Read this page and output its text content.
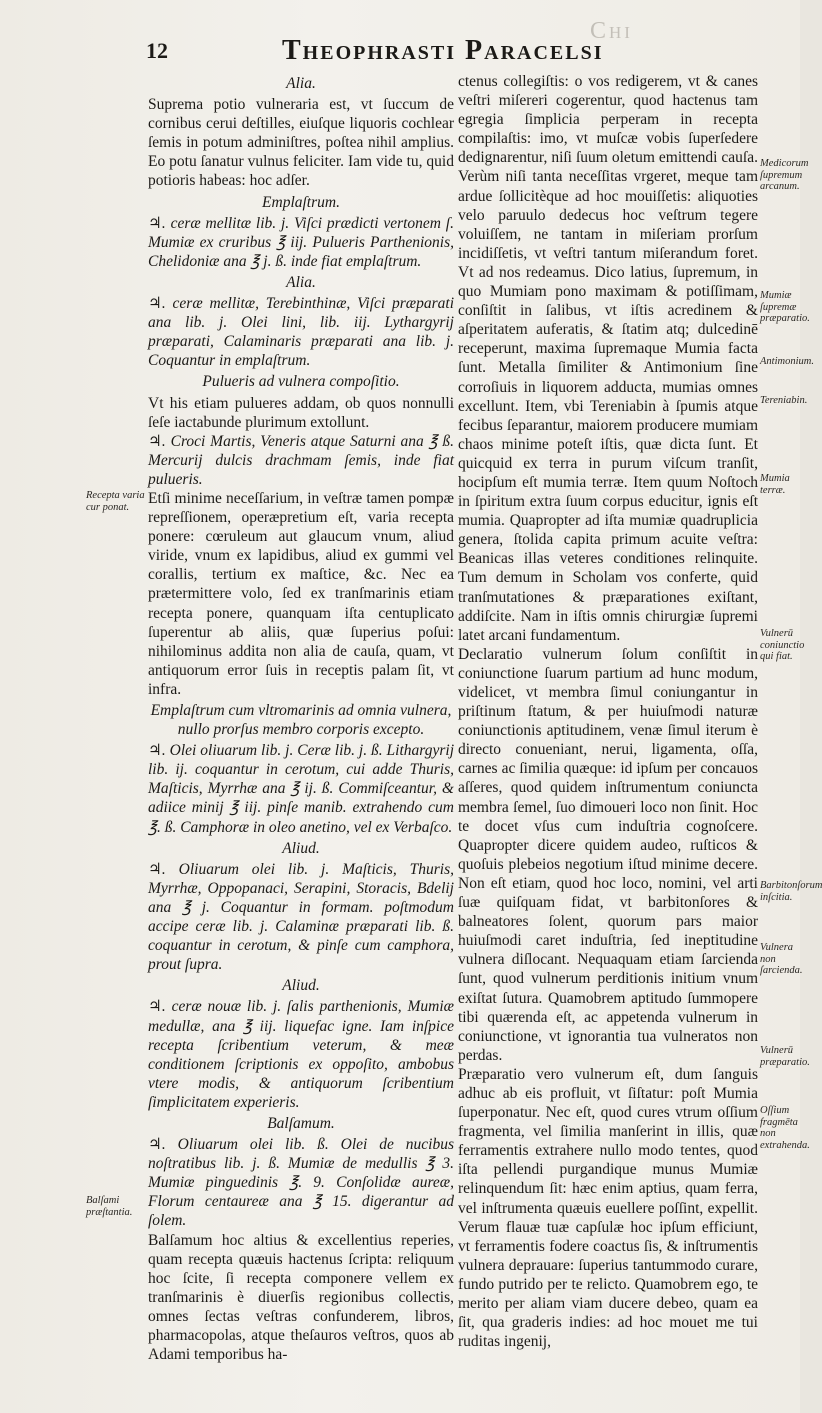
Chi
12	Theophrasti Paracelsi
Alia.

Suprema potio vulneraria est, vt ſuccum de cornibus cerui deſtilles, eiuſque liquoris cochlear ſemis in potum adminiſtres, poſtea nihil amplius. Eo potu ſanatur vulnus feliciter. Iam vide tu, quid potioris habeas: hoc adſer.

Emplaſtrum.

♃. ceræ mellitæ lib. j. Viſci prædicti vertonem ſ. Mumiæ ex cruribus ℥ iij. Pulueris Parthenionis, Chelidoniæ ana ℥ j. ß. inde fiat emplaſtrum.

Alia.

♃. ceræ mellitæ, Terebinthinæ, Viſci præparati ana lib. j. Olei lini, lib. iij. Lythargyrij præparati, Calaminaris præparati ana lib. j. Coquantur in emplaſtrum.

Pulueris ad vulnera compoſitio.

Vt his etiam pulueres addam, ob quos nonnulli ſeſe iactabunde plurimum extollunt.

♃. Croci Martis, Veneris atque Saturni ana ℥ ß. Mercurij dulcis drachmam ſemis, inde fiat pulueris.

Etſi minime neceſſarium, in veſtræ tamen pompæ repreſſionem, operæpretium eſt, varia recepta ponere: cœruleum aut glaucum vnum, aliud viride, vnum ex lapidibus, aliud ex gummi vel corallis, tertium ex maſtice, &c. Nec ea prætermittere volo, ſed ex tranſmarinis etiam recepta ponere, quanquam iſta centuplicato ſuperentur ab aliis, quæ ſuperius poſui: nihilominus addita non alia de cauſa, quam, vt antiquorum error ſuis in receptis palam ſit, vt infra.

Emplaſtrum cum vltromarinis ad omnia vulnera, nullo prorſus membro corporis excepto.

♃. Olei oliuarum lib. j. Ceræ lib. j. ß. Lithargyrij lib. ij. coquantur in cerotum, cui adde Thuris, Maſticis, Myrrhæ ana ℥ ij. ß. Commiſceantur, & adiice minij ℥ iij. pinſe manib. extrahendo cum ℥. ß. Camphoræ in oleo anetino, vel ex Verbaſco.

Aliud.

♃. Oliuarum olei lib. j. Maſticis, Thuris, Myrrhæ, Oppopanaci, Serapini, Storacis, Bdelij ana ℥ j. Coquantur in formam. poſtmodum accipe ceræ lib. j. Calaminæ præparati lib. ß. coquantur in cerotum, & pinſe cum camphora, prout ſupra.

Aliud.

♃. ceræ nouæ lib. j. ſalis parthenionis, Mumiæ medullæ, ana ℥ iij. liquefac igne. Iam inſpice recepta ſcribentium veterum, & meæ conditionem ſcriptionis ex oppoſito, ambobus vtere modis, & antiquorum ſcribentium ſimplicitatem experieris.

Balſamum.

♃. Oliuarum olei lib. ß. Olei de nucibus noſtratibus lib. j. ß. Mumiæ de medullis ℥ 3. Mumiæ pinguedinis ℥. 9. Conſolidæ aureæ, Florum centaureæ ana ℥ 15. digerantur ad ſolem.

Balſamum hoc altius & excellentius reperies, quam recepta quæuis hactenus ſcripta: reliquum hoc ſcite, ſi recepta componere vellem ex tranſmarinis è diuerſis regionibus collectis, omnes ſectas veſtras confunderem, libros, pharmacopolas, atque theſauros veſtros, quos ab Adami temporibus ha-

ctenus collegiſtis: o vos redigerem, vt & canes veſtri miſereri cogerentur, quod hactenus tam egregia ſimplicia perperam in recepta compilaſtis: imo, vt muſcæ vobis ſuperſedere dedignarentur, niſi ſuum oletum emittendi cauſa. Verùm niſi tanta neceſſitas vrgeret, meque tam ardue ſollicitèque ad hoc mouiſſetis: aliquoties velo paruulo dedecus hoc veſtrum tegere voluiſſem, ne tantam in miſeriam prorſum incidiſſetis, vt veſtri tantum miſerandum foret. Vt ad nos redeamus. Dico latius, ſupremum, in quo Mumiam pono maximam & potiſſimam, conſiſtit in ſalibus, vt iſtis acredinem & aſperitatem auferatis, & ſtatim atq; dulcedinē receperunt, maxima ſupremaque Mumia facta ſunt. Metalla ſimiliter & Antimonium ſine corroſiuis in liquorem adducta, mumias omnes excellunt. Item, vbi Tereniabin à ſpumis atque fecibus ſeparantur, maiorem producere mumiam chaos minime poteſt iſtis, quæ dicta ſunt. Et quicquid ex terra in purum viſcum tranſit, hocipſum eſt mumia terræ. Item quum Noſtoch in ſpiritum extra ſuum corpus educitur, ignis eſt mumia. Quapropter ad iſta mumiæ quadruplicia genera, ſtolida capita primum acuite veſtra: Beanicas illas veteres conditiones relinquite. Tum demum in Scholam vos conferte, quid tranſmutationes & præparationes exiſtant, addiſcite. Nam in iſtis omnis chirurgiæ ſupremi latet arcani fundamentum.

Declaratio vulnerum ſolum conſiſtit in coniunctione ſuarum partium ad hunc modum, videlicet, vt membra ſimul coniungantur in priſtinum ſtatum, & per huiuſmodi naturæ coniunctionis aptitudinem, venæ ſimul iterum è directo conueniant, nerui, ligamenta, oſſa, carnes ac ſimilia quæque: id ipſum per concauos aſſeres, quod quidem inſtrumentum coniuncta membra ſemel, ſuo dimoueri loco non ſinit. Hoc te docet vſus cum induſtria cognoſcere. Quapropter dicere quidem audeo, ruſticos & quoſuis plebeios negotium iſtud minime decere. Non eſt etiam, quod hoc loco, nomini, vel arti ſuæ quiſquam fidat, vt barbitonſores & balneatores ſolent, quorum pars maior huiuſmodi caret induſtria, ſed ineptitudine vulnera diſlocant. Nequaquam etiam ſarcienda ſunt, quod vulnerum perditionis initium vnum exiſtat ſutura. Quamobrem aptitudo ſummopere tibi quærenda eſt, ac appetenda vulnerum in coniunctione, vt ignorantia tua vulneratos non perdas.

Præparatio vero vulnerum eſt, dum ſanguis adhuc ab eis profluit, vt ſiſtatur: poſt Mumia ſuperponatur. Nec eſt, quod cures vtrum oſſium fragmenta, vel ſimilia manſerint in illis, quæ ferramentis extrahere nullo modo tentes, quod iſta pellendi purgandique munus Mumiæ relinquendum ſit: hæc enim aptius, quam ferra, vel inſtrumenta quæuis euellere poſſint, expellit. Verum flauæ tuæ capſulæ hoc ipſum efficiunt, vt ferramentis fodere coactus ſis, & inſtrumentis vulnera deprauare: ſuperius tantummodo curare, fundo putrido per te relicto. Quamobrem ego, te merito per aliam viam ducere debeo, quam ea ſit, qua graderis indies: ad hoc mouet me tui ruditas ingenij,

Recepta varia cur ponat.
Balſami præſtantia.
Medicorum ſupremum arcanum.
Mumiæ ſupremæ præparatio.
Antimonium.
Tereniabin.
Mumia terræ.
Vulnerū coniunctio qui fiat.
Barbitonſorum inſcitia.
Vulnera non ſarcienda.
Vulnerū præparatio.
Oſſium fragmēta non extrahenda.
